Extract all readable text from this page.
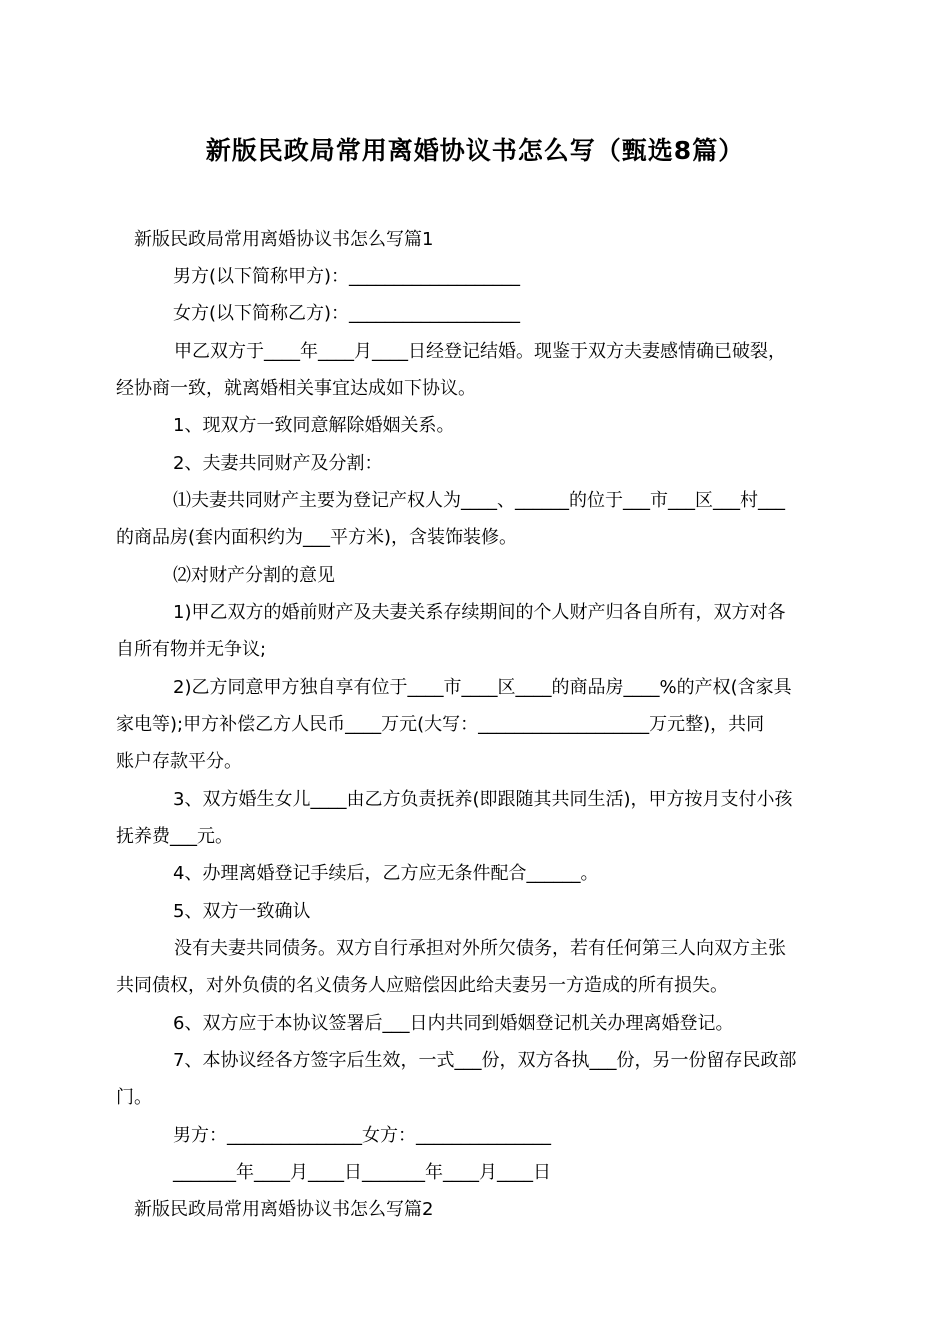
新版民政局常用离婚协议书怎么写（甄选8篇）
新版民政局常用离婚协议书怎么写篇1
男方(以下简称甲方)：___________________
女方(以下简称乙方)：___________________
甲乙双方于____年____月____日经登记结婚。现鉴于双方夫妻感情确已破裂，
经协商一致，就离婚相关事宜达成如下协议。
1、现双方一致同意解除婚姻关系。
2、夫妻共同财产及分割：
⑴夫妻共同财产主要为登记产权人为____、______的位于___市___区___村___
的商品房(套内面积约为___平方米)，含装饰装修。
⑵对财产分割的意见
1)甲乙双方的婚前财产及夫妻关系存续期间的个人财产归各自所有，双方对各
自所有物并无争议;
2)乙方同意甲方独自享有位于____市____区____的商品房____%的产权(含家具
家电等);甲方补偿乙方人民币____万元(大写：___________________万元整)，共同
账户存款平分。
3、双方婚生女儿____由乙方负责抚养(即跟随其共同生活)，甲方按月支付小孩
抚养费___元。
4、办理离婚登记手续后，乙方应无条件配合______。
5、双方一致确认
没有夫妻共同债务。双方自行承担对外所欠债务，若有任何第三人向双方主张
共同债权，对外负债的名义债务人应赔偿因此给夫妻另一方造成的所有损失。
6、双方应于本协议签署后___日内共同到婚姻登记机关办理离婚登记。
7、本协议经各方签字后生效，一式___份，双方各执___份，另一份留存民政部
门。
男方：_______________女方：_______________
_______年____月____日_______年____月____日
新版民政局常用离婚协议书怎么写篇2
